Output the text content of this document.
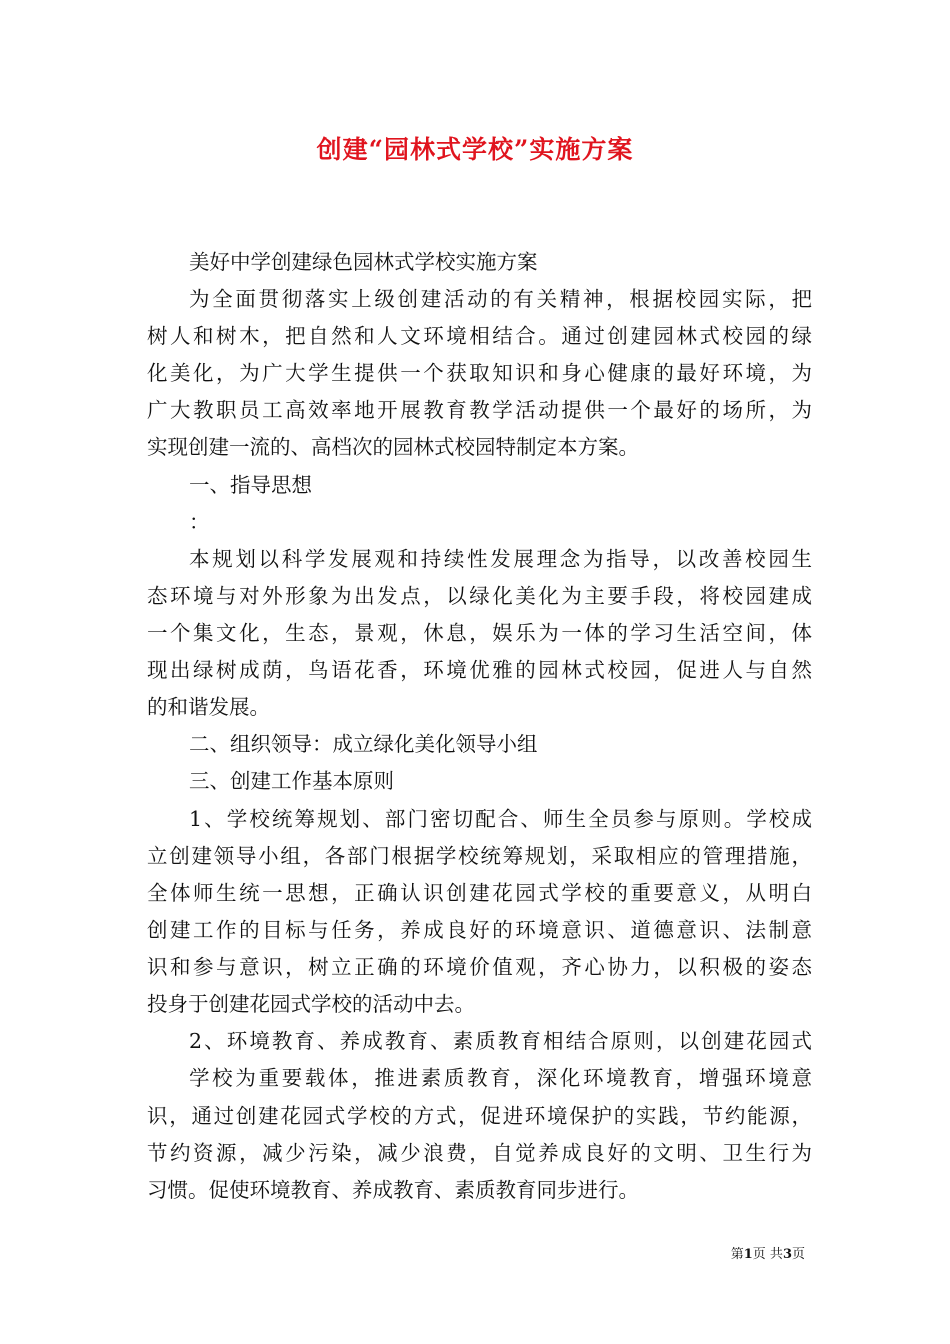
创建“园林式学校”实施方案
美好中学创建绿色园林式学校实施方案
为全面贯彻落实上级创建活动的有关精神，根据校园实际，把
树人和树木，把自然和人文环境相结合。通过创建园林式校园的绿
化美化，为广大学生提供一个获取知识和身心健康的最好环境，为
广大教职员工高效率地开展教育教学活动提供一个最好的场所，为
实现创建一流的、高档次的园林式校园特制定本方案。
一、指导思想
：
本规划以科学发展观和持续性发展理念为指导，以改善校园生
态环境与对外形象为出发点，以绿化美化为主要手段，将校园建成
一个集文化，生态，景观，休息，娱乐为一体的学习生活空间，体
现出绿树成荫，鸟语花香，环境优雅的园林式校园，促进人与自然
的和谐发展。
二、组织领导：成立绿化美化领导小组
三、创建工作基本原则
1、学校统筹规划、部门密切配合、师生全员参与原则。学校成
立创建领导小组，各部门根据学校统筹规划，采取相应的管理措施，
全体师生统一思想，正确认识创建花园式学校的重要意义，从明白
创建工作的目标与任务，养成良好的环境意识、道德意识、法制意
识和参与意识，树立正确的环境价值观，齐心协力，以积极的姿态
投身于创建花园式学校的活动中去。
2、环境教育、养成教育、素质教育相结合原则，以创建花园式
学校为重要载体，推进素质教育，深化环境教育，增强环境意
识，通过创建花园式学校的方式，促进环境保护的实践，节约能源，
节约资源，减少污染，减少浪费，自觉养成良好的文明、卫生行为
习惯。促使环境教育、养成教育、素质教育同步进行。
第1页 共3页
